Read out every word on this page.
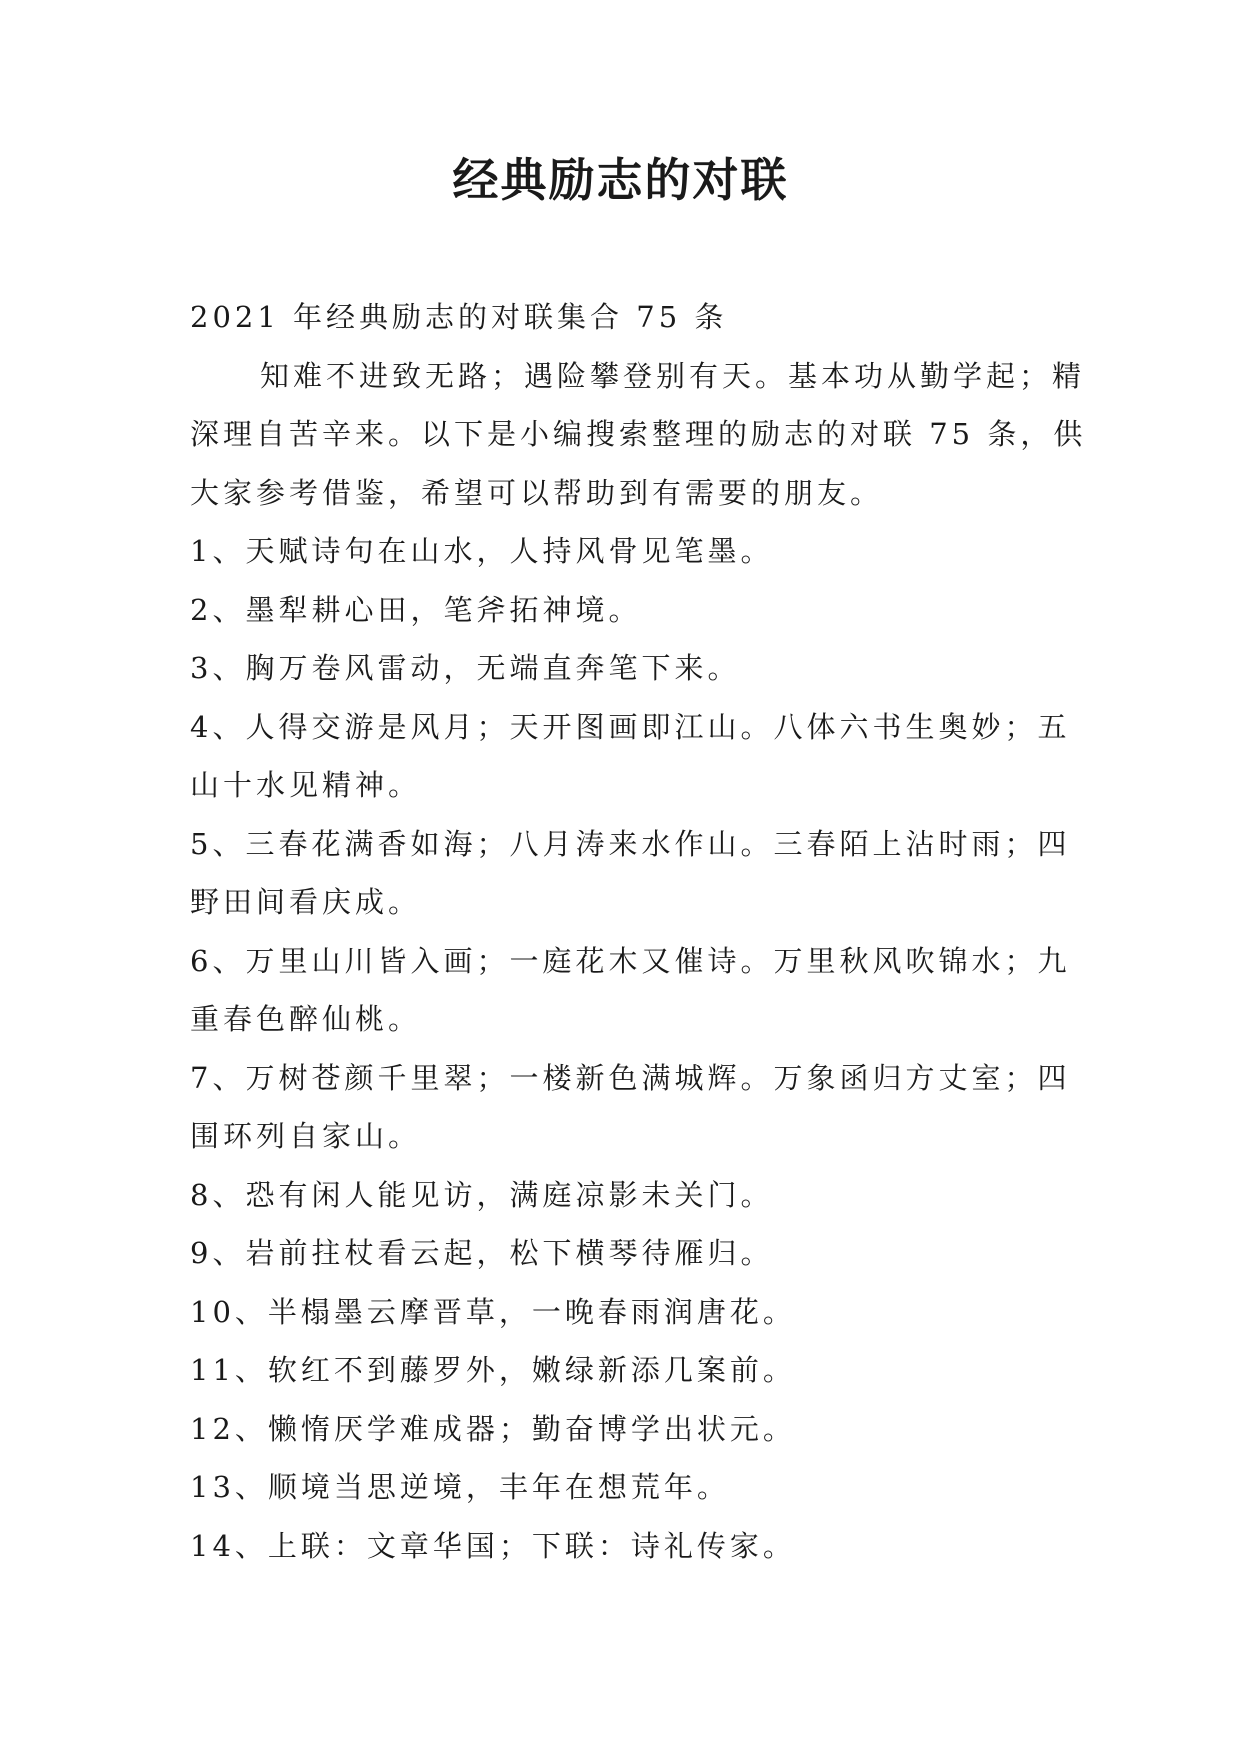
经典励志的对联

2021 年经典励志的对联集合 75 条

知难不进致无路；遇险攀登别有天。基本功从勤学起；精深理自苦辛来。以下是小编搜索整理的励志的对联 75 条，供大家参考借鉴，希望可以帮助到有需要的朋友。

1、天赋诗句在山水，人持风骨见笔墨。

2、墨犁耕心田，笔斧拓神境。

3、胸万卷风雷动，无端直奔笔下来。

4、人得交游是风月；天开图画即江山。八体六书生奥妙；五山十水见精神。

5、三春花满香如海；八月涛来水作山。三春陌上沾时雨；四野田间看庆成。

6、万里山川皆入画；一庭花木又催诗。万里秋风吹锦水；九重春色醉仙桃。

7、万树苍颜千里翠；一楼新色满城辉。万象函归方丈室；四围环列自家山。

8、恐有闲人能见访，满庭凉影未关门。

9、岩前拄杖看云起，松下横琴待雁归。

10、半榻墨云摩晋草，一晚春雨润唐花。

11、软红不到藤罗外，嫩绿新添几案前。

12、懒惰厌学难成器；勤奋博学出状元。

13、顺境当思逆境，丰年在想荒年。

14、上联：文章华国；下联：诗礼传家。
